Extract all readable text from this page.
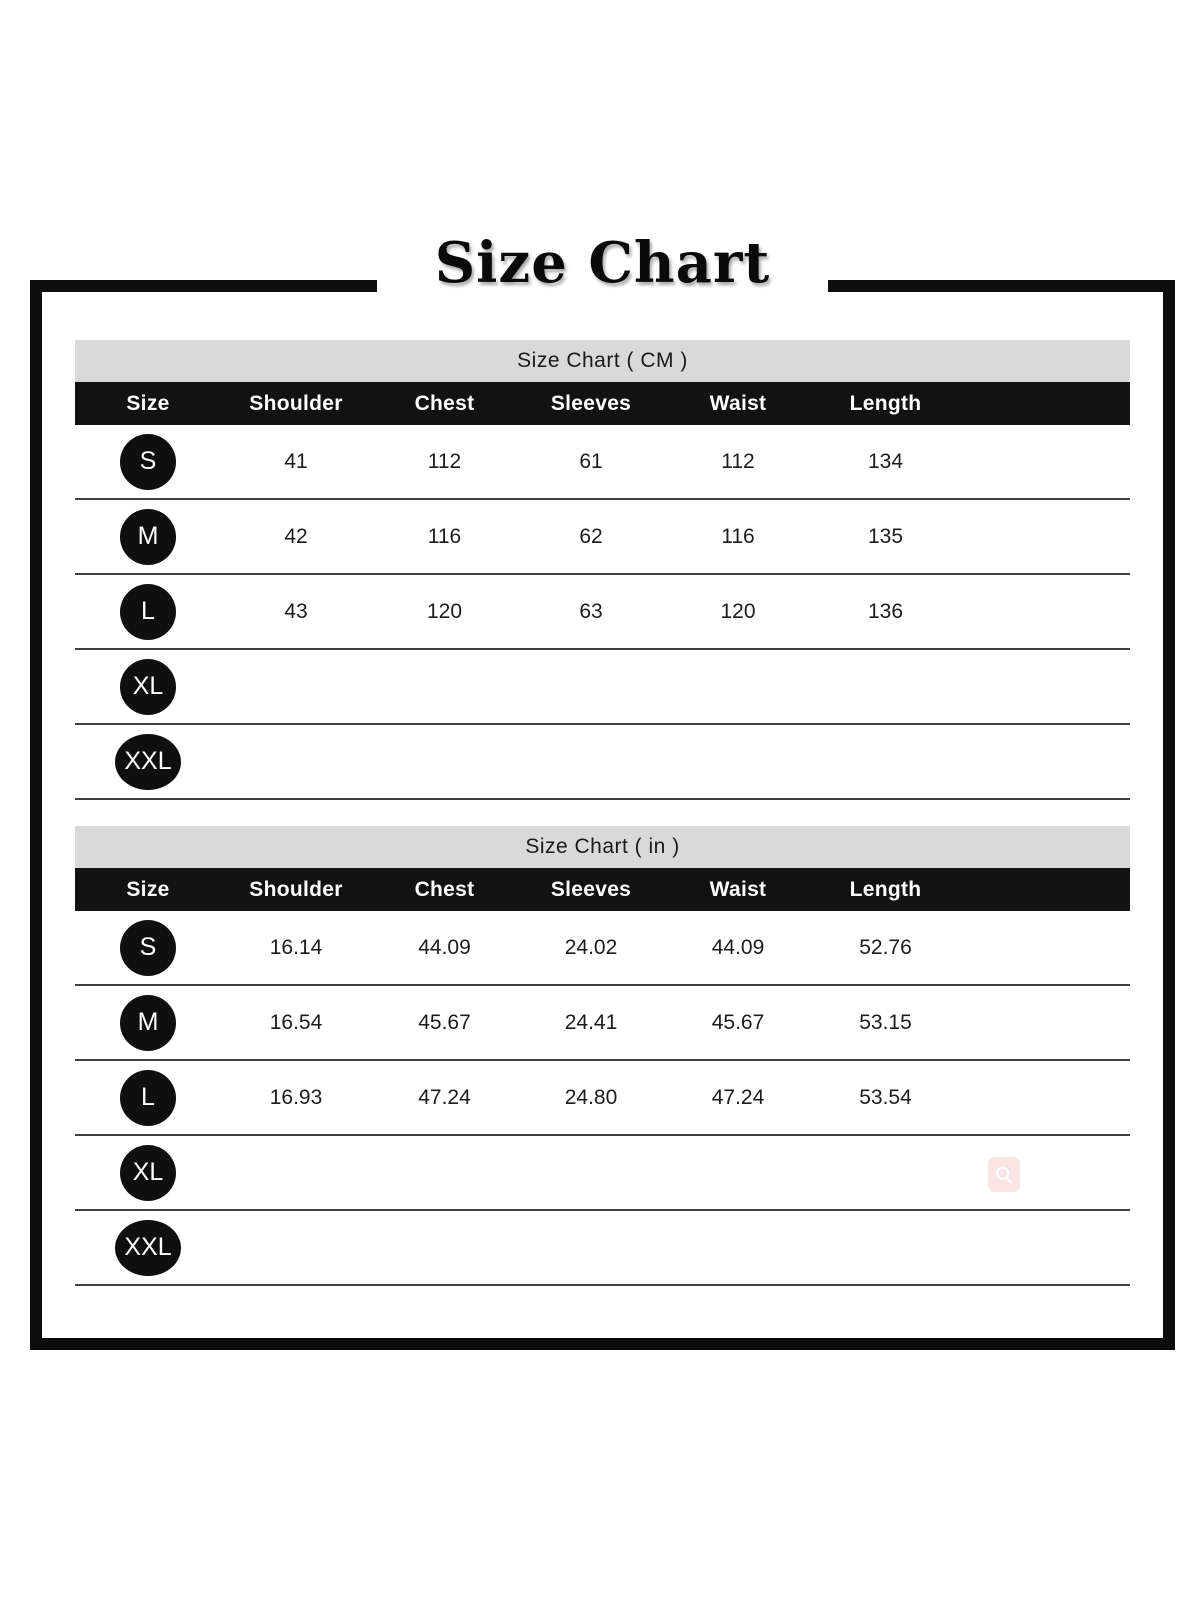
Size Chart
Size Chart ( CM )
Size	Shoulder	Chest	Sleeves	Waist	Length
S	41	112	61	112	134
M	42	116	62	116	135
L	43	120	63	120	136
XL
XXL
Size Chart ( in )
Size	Shoulder	Chest	Sleeves	Waist	Length
S	16.14	44.09	24.02	44.09	52.76
M	16.54	45.67	24.41	45.67	53.15
L	16.93	47.24	24.80	47.24	53.54
XL
XXL
